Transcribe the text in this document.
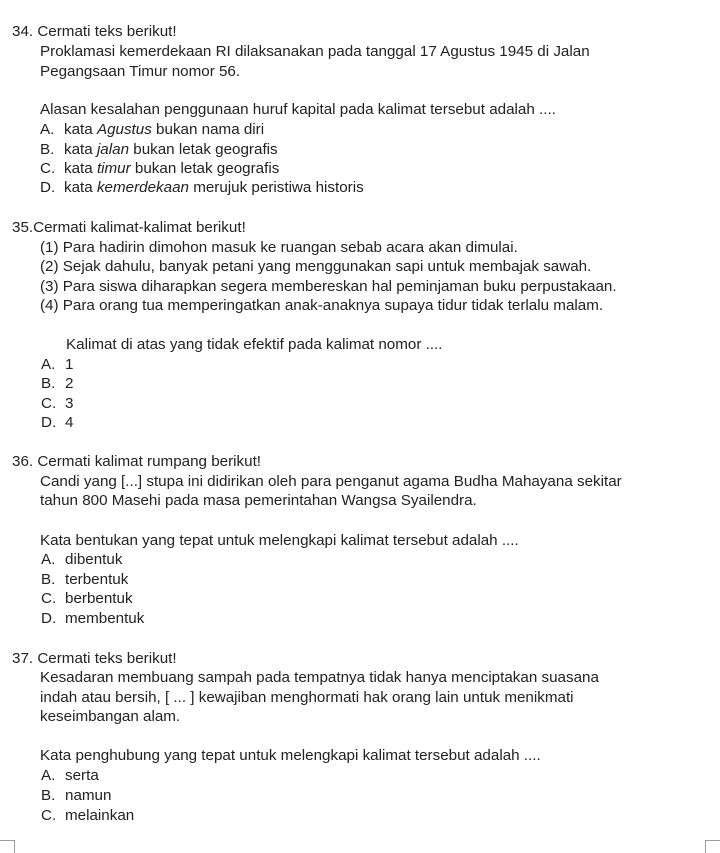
34. Cermati teks berikut!
Proklamasi kemerdekaan RI dilaksanakan pada tanggal 17 Agustus 1945 di Jalan
Pegangsaan Timur nomor 56.
Alasan kesalahan penggunaan huruf kapital pada kalimat tersebut adalah ....
A. kata Agustus bukan nama diri
B. kata jalan bukan letak geografis
C. kata timur bukan letak geografis
D. kata kemerdekaan merujuk peristiwa historis
35.Cermati kalimat-kalimat berikut!
(1) Para hadirin dimohon masuk ke ruangan sebab acara akan dimulai.
(2) Sejak dahulu, banyak petani yang menggunakan sapi untuk membajak sawah.
(3) Para siswa diharapkan segera membereskan hal peminjaman buku perpustakaan.
(4) Para orang tua memperingatkan anak-anaknya supaya tidur tidak terlalu malam.
Kalimat di atas yang tidak efektif pada kalimat nomor ....
A. 1
B. 2
C. 3
D. 4
36. Cermati kalimat rumpang berikut!
Candi yang [...] stupa ini didirikan oleh para penganut agama Budha Mahayana sekitar
tahun 800 Masehi pada masa pemerintahan Wangsa Syailendra.
Kata bentukan yang tepat untuk melengkapi kalimat tersebut adalah ....
A. dibentuk
B. terbentuk
C. berbentuk
D. membentuk
37. Cermati teks berikut!
Kesadaran membuang sampah pada tempatnya tidak hanya menciptakan suasana
indah atau bersih, [ ... ] kewajiban menghormati hak orang lain untuk menikmati
keseimbangan alam.
Kata penghubung yang tepat untuk melengkapi kalimat tersebut adalah ....
A. serta
B. namun
C. melainkan
